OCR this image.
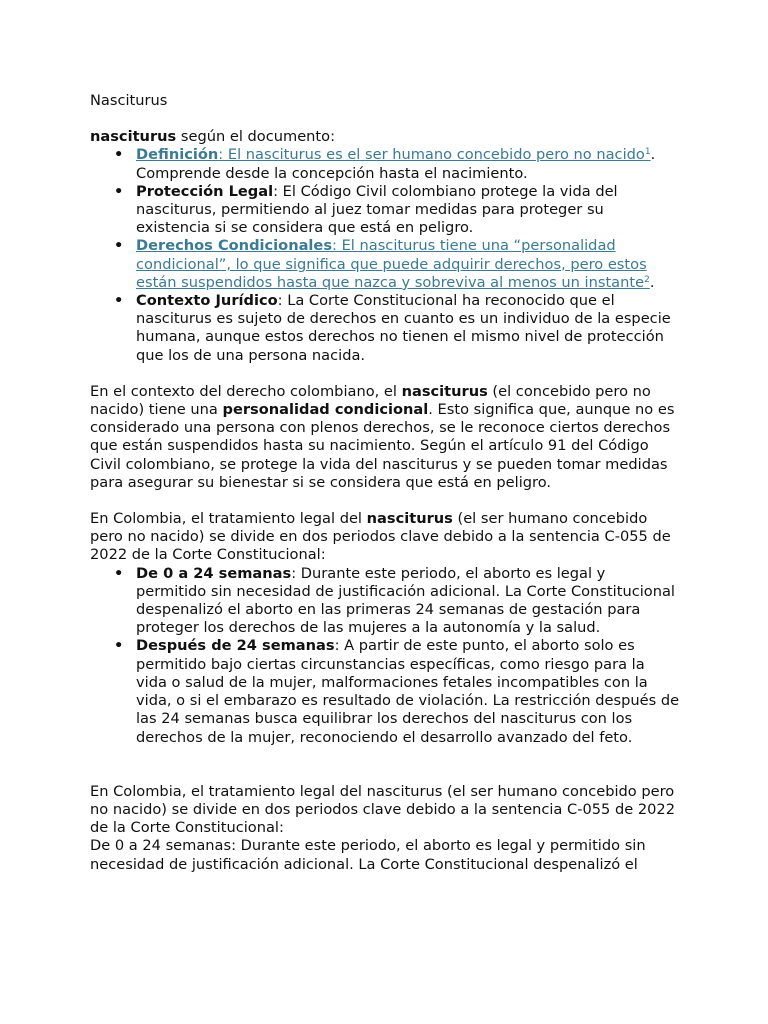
Nasciturus

nasciturus según el documento:

• Definición: El nasciturus es el ser humano concebido pero no nacido$^1$. Comprende desde la concepción hasta el nacimiento.
• Protección Legal: El Código Civil colombiano protege la vida del nasciturus, permitiendo al juez tomar medidas para proteger su existencia si se considera que está en peligro.
• Derechos Condicionales: El nasciturus tiene una “personalidad condicional”, lo que significa que puede adquirir derechos, pero estos están suspendidos hasta que nazca y sobreviva al menos un instante$^2$.
• Contexto Jurídico: La Corte Constitucional ha reconocido que el nasciturus es sujeto de derechos en cuanto es un individuo de la especie humana, aunque estos derechos no tienen el mismo nivel de protección que los de una persona nacida.

En el contexto del derecho colombiano, el nasciturus (el concebido pero no nacido) tiene una personalidad condicional. Esto significa que, aunque no es considerado una persona con plenos derechos, se le reconoce ciertos derechos que están suspendidos hasta su nacimiento. Según el artículo 91 del Código Civil colombiano, se protege la vida del nasciturus y se pueden tomar medidas para asegurar su bienestar si se considera que está en peligro.

En Colombia, el tratamiento legal del nasciturus (el ser humano concebido pero no nacido) se divide en dos periodos clave debido a la sentencia C-055 de 2022 de la Corte Constitucional:

• De 0 a 24 semanas: Durante este periodo, el aborto es legal y permitido sin necesidad de justificación adicional. La Corte Constitucional despenalizó el aborto en las primeras 24 semanas de gestación para proteger los derechos de las mujeres a la autonomía y la salud.
• Después de 24 semanas: A partir de este punto, el aborto solo es permitido bajo ciertas circunstancias específicas, como riesgo para la vida o salud de la mujer, malformaciones fetales incompatibles con la vida, o si el embarazo es resultado de violación. La restricción después de las 24 semanas busca equilibrar los derechos del nasciturus con los derechos de la mujer, reconociendo el desarrollo avanzado del feto.

En Colombia, el tratamiento legal del nasciturus (el ser humano concebido pero no nacido) se divide en dos periodos clave debido a la sentencia C-055 de 2022 de la Corte Constitucional:

De 0 a 24 semanas: Durante este periodo, el aborto es legal y permitido sin necesidad de justificación adicional. La Corte Constitucional despenalizó el
